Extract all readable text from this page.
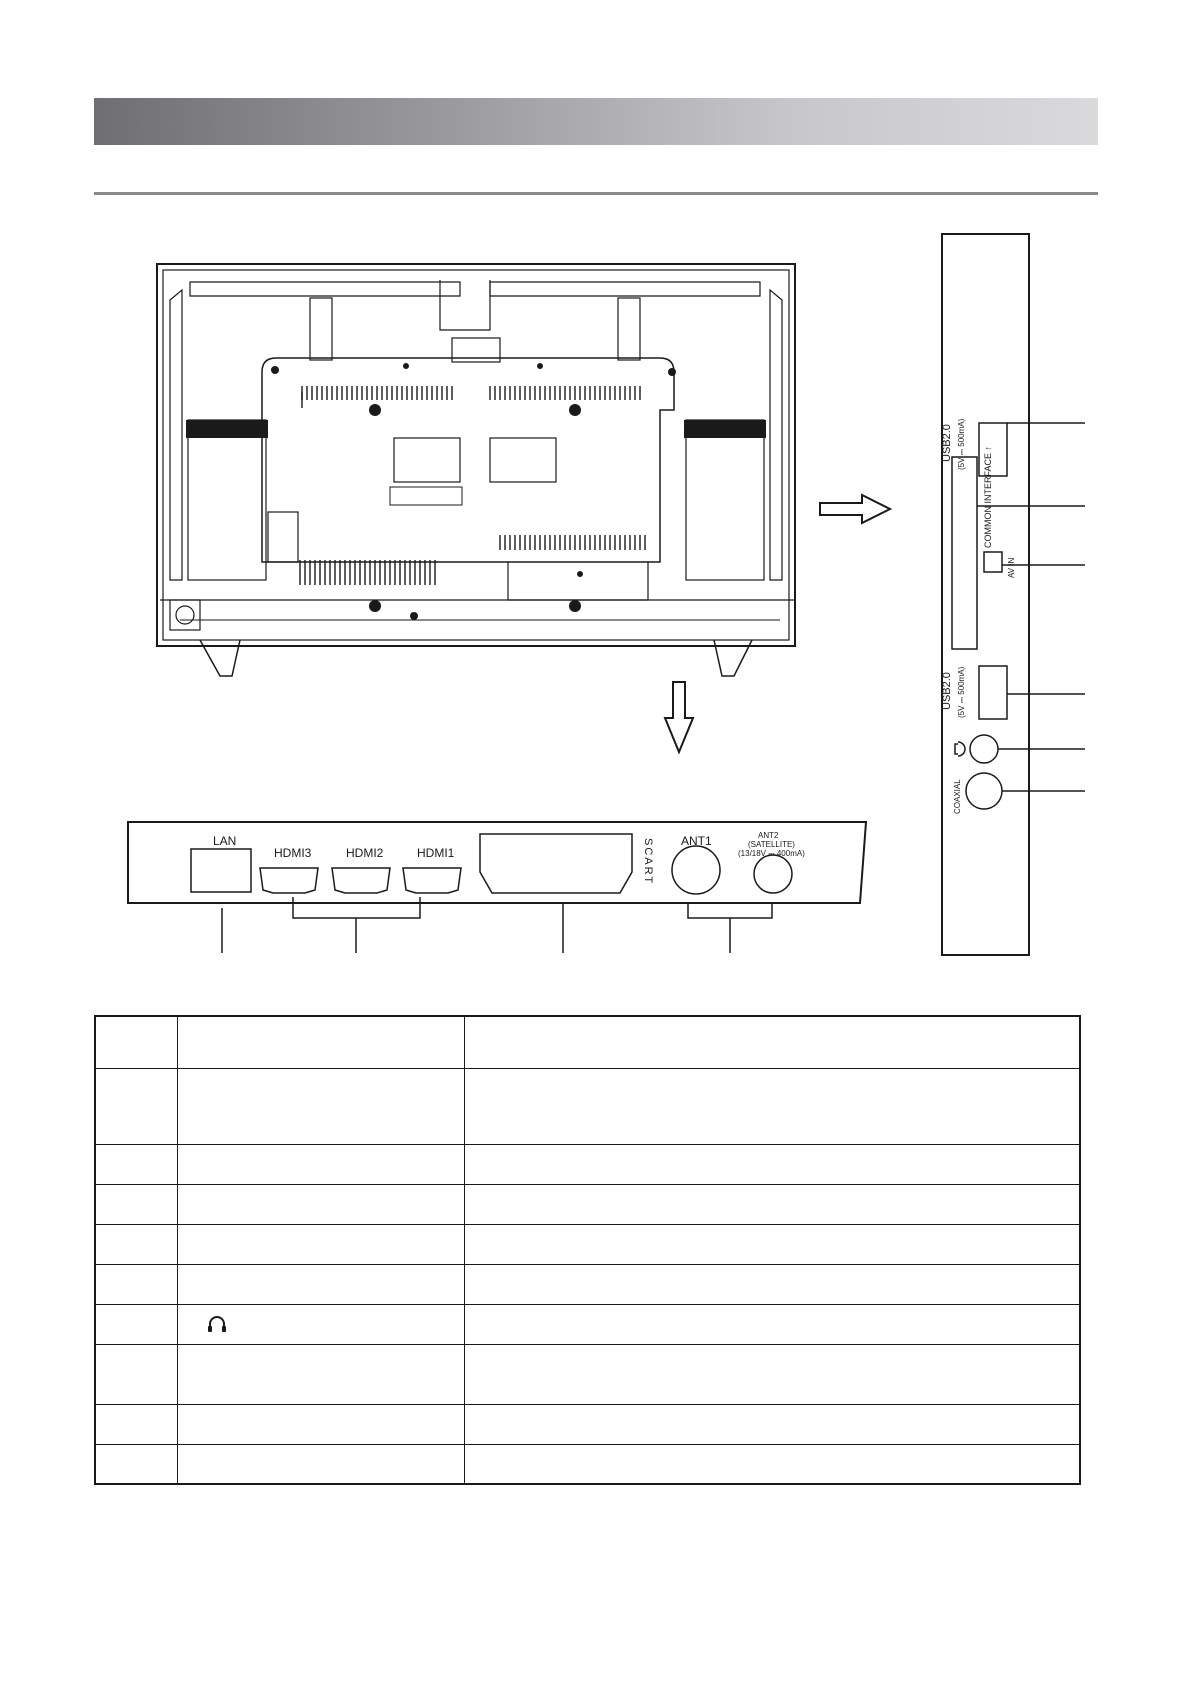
LAN
HDMI3	HDMI2	HDMI1	SCART ANT1	ANT2
(SATELLITE)
(13/18V ⎓ 400mA)
USB2.0 (5V ⎓ 500mA)
COMMON INTERFACE ↑
AV IN
USB2.0 (5V ⎓ 500mA)
COAXIAL
